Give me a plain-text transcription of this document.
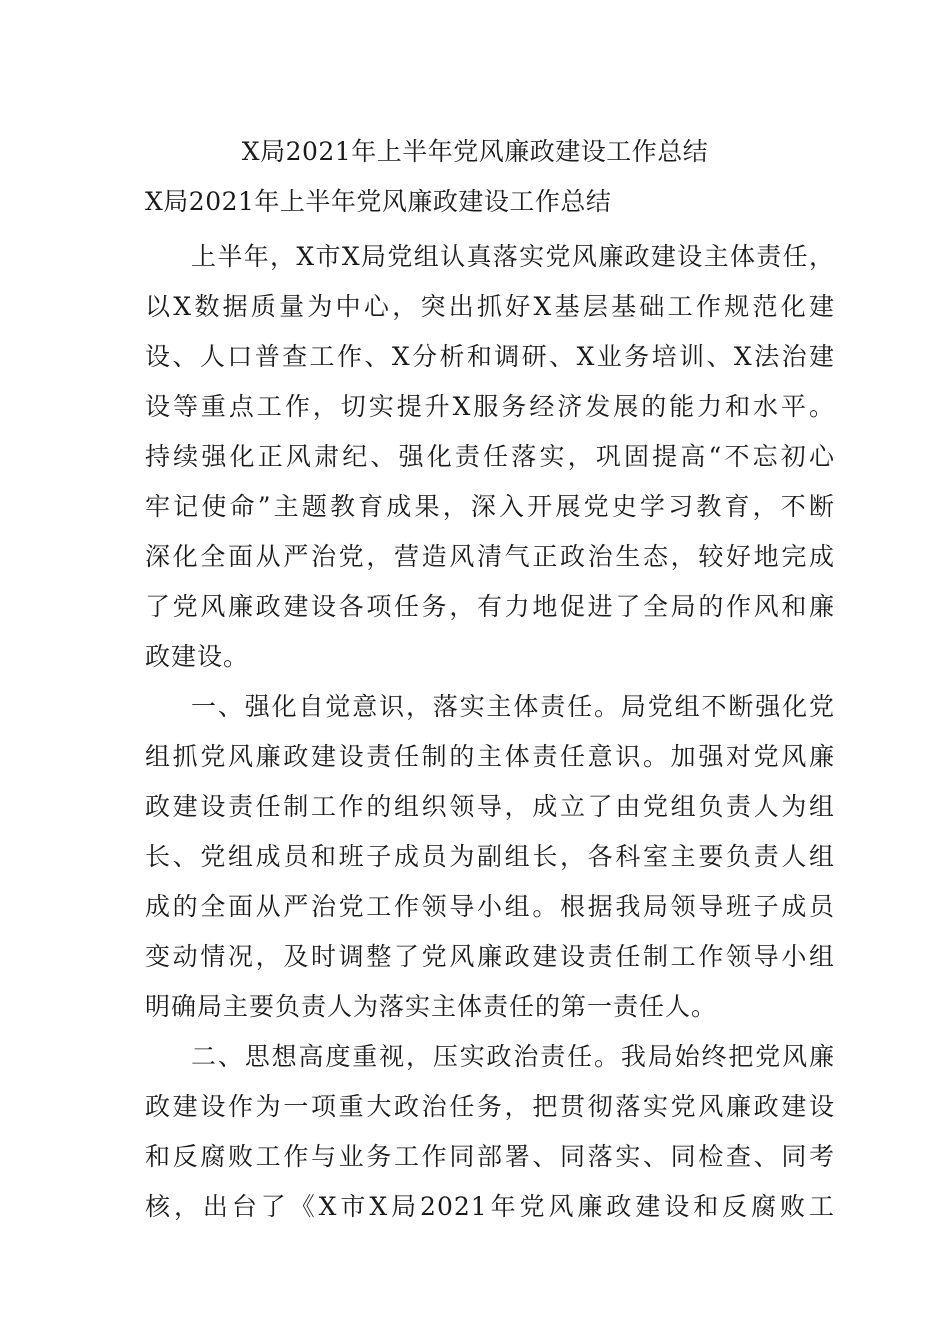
X局2021年上半年党风廉政建设工作总结
X局2021年上半年党风廉政建设工作总结
上半年，X市X局党组认真落实党风廉政建设主体责任，
以X数据质量为中心，突出抓好X基层基础工作规范化建
设、人口普查工作、X分析和调研、X业务培训、X法治建
设等重点工作，切实提升X服务经济发展的能力和水平。
持续强化正风肃纪、强化责任落实，巩固提高“不忘初心
牢记使命”主题教育成果，深入开展党史学习教育，不断
深化全面从严治党，营造风清气正政治生态，较好地完成
了党风廉政建设各项任务，有力地促进了全局的作风和廉
政建设。
一、强化自觉意识，落实主体责任。局党组不断强化党
组抓党风廉政建设责任制的主体责任意识。加强对党风廉
政建设责任制工作的组织领导，成立了由党组负责人为组
长、党组成员和班子成员为副组长，各科室主要负责人组
成的全面从严治党工作领导小组。根据我局领导班子成员
变动情况，及时调整了党风廉政建设责任制工作领导小组
明确局主要负责人为落实主体责任的第一责任人。
二、思想高度重视，压实政治责任。我局始终把党风廉
政建设作为一项重大政治任务，把贯彻落实党风廉政建设
和反腐败工作与业务工作同部署、同落实、同检查、同考
核，出台了《X市X局2021年党风廉政建设和反腐败工
